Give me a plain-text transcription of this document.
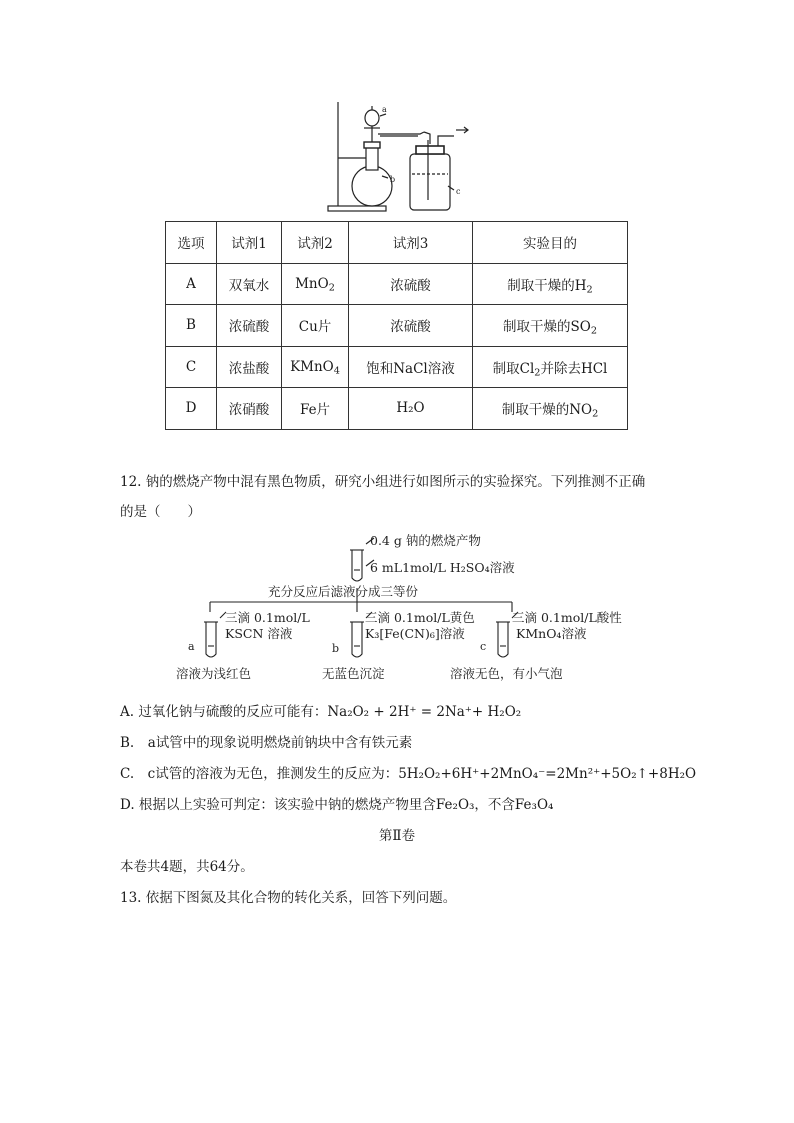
a
b
c
选项	试剂1	试剂2	试剂3	实验目的
A	双氧水	MnO$_2$	浓硫酸	制取干燥的$H_2$
B	浓硫酸	Cu片	浓硫酸	制取干燥的$SO_2$
C	浓盐酸	KMnO$_4$	饱和NaCl溶液	制取$Cl_2$并除去HCl
D	浓硝酸	Fe片	H₂O	制取干燥的$NO_2$
12. 钠的燃烧产物中混有黑色物质，研究小组进行如图所示的实验探究。下列推测不正确
的是（　　）
0.4 g 钠的燃烧产物
6 mL1mol/L H₂SO₄溶液
充分反应后滤液分成三等份
三滴 0.1mol/L
KSCN 溶液
a
溶液为浅红色
三滴 0.1mol/L黄色
K₃[Fe(CN)₆]溶液
b
无蓝色沉淀
三滴 0.1mol/L酸性
KMnO₄溶液
c
溶液无色，有小气泡
A. 过氧化钠与硫酸的反应可能有：Na₂O₂ + 2H⁺ = 2Na⁺+ H₂O₂
B.　a试管中的现象说明燃烧前钠块中含有铁元素
C.　c试管的溶液为无色，推测发生的反应为：5H₂O₂+6H⁺+2MnO₄⁻=2Mn²⁺+5O₂↑+8H₂O
D. 根据以上实验可判定：该实验中钠的燃烧产物里含Fe₂O₃，不含Fe₃O₄
第Ⅱ卷
本卷共4题，共64分。
13. 依据下图氮及其化合物的转化关系，回答下列问题。
